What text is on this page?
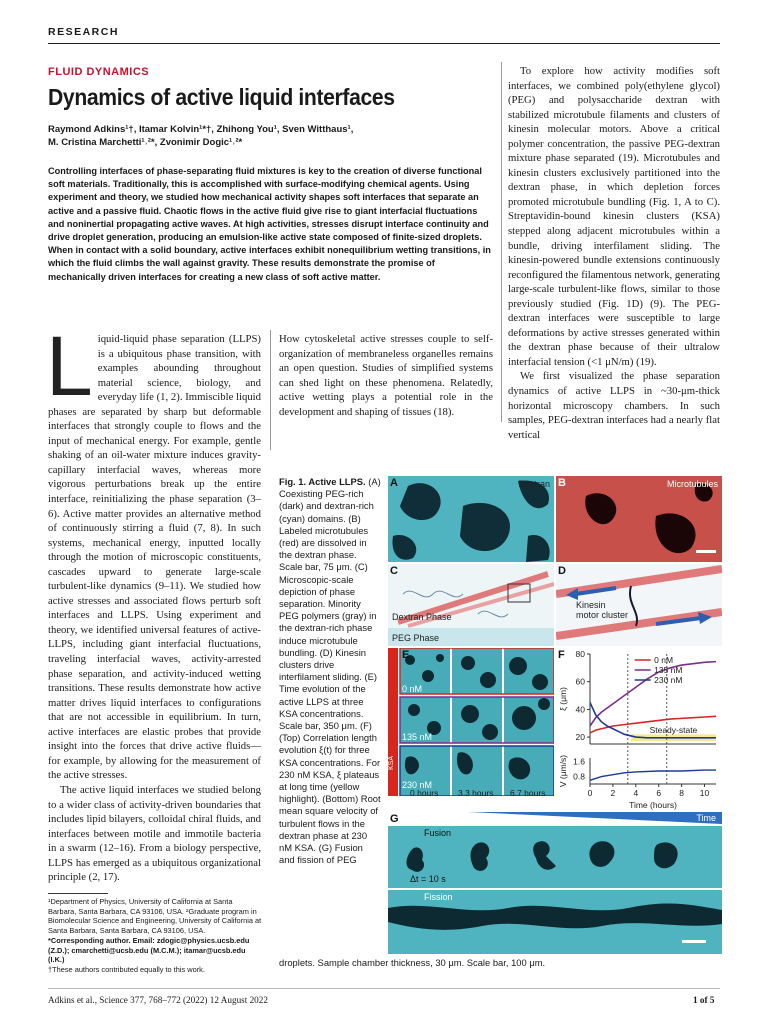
RESEARCH
FLUID DYNAMICS
Dynamics of active liquid interfaces
Raymond Adkins¹†, Itamar Kolvin¹*†, Zhihong You¹, Sven Witthaus¹,
M. Cristina Marchetti¹˒²*, Zvonimir Dogic¹˒²*

Controlling interfaces of phase-separating fluid mixtures is key to the creation of diverse functional soft materials. Traditionally, this is accomplished with surface-modifying chemical agents. Using experiment and theory, we studied how mechanical activity shapes soft interfaces that separate an active and a passive fluid. Chaotic flows in the active fluid give rise to giant interfacial fluctuations and noninertial propagating active waves. At high activities, stresses disrupt interface continuity and drive droplet generation, producing an emulsion-like active state composed of finite-sized droplets. When in contact with a solid boundary, active interfaces exhibit nonequilibrium wetting transitions, in which the fluid climbs the wall against gravity. These results demonstrate the promise of mechanically driven interfaces for creating a new class of soft active matter.

Liquid-liquid phase separation (LLPS) is a ubiquitous phase transition, with examples abounding throughout material science, biology, and everyday life (1, 2). Immiscible liquid phases are separated by sharp but deformable interfaces that strongly couple to flows and the input of mechanical energy. For example, gentle shaking of an oil-water mixture induces gravity-capillary interfacial waves, whereas more vigorous perturbations break up the entire interface, reinitializing the phase separation (3–6). Active matter provides an alternative method of continuously stirring a fluid (7, 8). In such systems, mechanical energy, inputted locally through the motion of microscopic constituents, cascades upward to generate large-scale turbulent-like dynamics (9–11). We studied how active stresses and associated flows perturb soft interfaces and LLPS. Using experiment and theory, we identified universal features of active-LLPS, including giant interfacial fluctuations, traveling interfacial waves, activity-arrested phase separation, and activity-induced wetting transitions. These results demonstrate how active matter drives liquid interfaces to configurations that are not accessible in equilibrium. In turn, active interfaces are elastic probes that provide insight into the forces that drive active fluids—for example, by allowing for the measurement of the active stresses.

The active liquid interfaces we studied belong to a wider class of activity-driven boundaries that includes lipid bilayers, colloidal chiral fluids, and interfaces between motile and immotile bacteria in a swarm (12–16). From a biology perspective, LLPS has emerged as a ubiquitous organizational principle (2, 17).

How cytoskeletal active stresses couple to self-organization of membraneless organelles remains an open question. Studies of simplified systems can shed light on these phenomena. Relatedly, active wetting plays a potential role in the development and shaping of tissues (18).

To explore how activity modifies soft interfaces, we combined poly(ethylene glycol) (PEG) and polysaccharide dextran with stabilized microtubule filaments and clusters of kinesin molecular motors. Above a critical polymer concentration, the passive PEG-dextran mixture phase separated (19). Microtubules and kinesin clusters exclusively partitioned into the dextran phase, in which depletion forces promoted microtubule bundling (Fig. 1, A to C). Streptavidin-bound kinesin clusters (KSA) stepped along adjacent microtubules within a bundle, driving interfilament sliding. The kinesin-powered bundle extensions continuously reconfigured the filamentous network, generating large-scale turbulent-like flows, similar to those previously studied (Fig. 1D) (9). The PEG-dextran interfaces were susceptible to large deformations by active stresses generated within the dextran phase because of their ultralow interfacial tension (<1 μN/m) (19).

We first visualized the phase separation dynamics of active LLPS in ~30-μm-thick horizontal microscopy chambers. In such samples, PEG-dextran interfaces had a nearly flat vertical

Fig. 1. Active LLPS. (A) Coexisting PEG-rich (dark) and dextran-rich (cyan) domains. (B) Labeled microtubules (red) are dissolved in the dextran phase. Scale bar, 75 μm. (C) Microscopic-scale depiction of phase separation. Minority PEG polymers (gray) in the dextran-rich phase induce microtubule bundling. (D) Kinesin clusters drive interfilament sliding. (E) Time evolution of the active LLPS at three KSA concentrations. Scale bar, 350 μm. (F) (Top) Correlation length evolution ξ(t) for three KSA concentrations. For 230 nM KSA, ξ plateaus at long time (yellow highlight). (Bottom) Root mean square velocity of turbulent flows in the dextran phase at 230 nM KSA. (G) Fusion and fission of PEG
droplets. Sample chamber thickness, 30 μm. Scale bar, 100 μm.
A	Dextran B	Microtubules
C
Dextran Phase
PEG Phase
D
Kinesin motor cluster
E
0 nM
135 nM
230 nM
KSA
0 hours 3.3 hours 6.7 hours
Steady-state
20
40
60
80
0.8
1.6
0 2 4 6 8 10
Time (hours)
ξ (μm)
V (μm/s)
0 nM
135 nM
230 nM
F
G	Time
Fusion
Δt = 10 s
Fission
¹Department of Physics, University of California at Santa Barbara, Santa Barbara, CA 93106, USA. ²Graduate program in Biomolecular Science and Engineering, University of California at Santa Barbara, Santa Barbara, CA 93106, USA.
*Corresponding author. Email: zdogic@physics.ucsb.edu (Z.D.); cmarchetti@ucsb.edu (M.C.M.); itamar@ucsb.edu (I.K.)
†These authors contributed equally to this work.
Adkins et al., Science 377, 768–772 (2022) 12 August 2022	1 of 5
